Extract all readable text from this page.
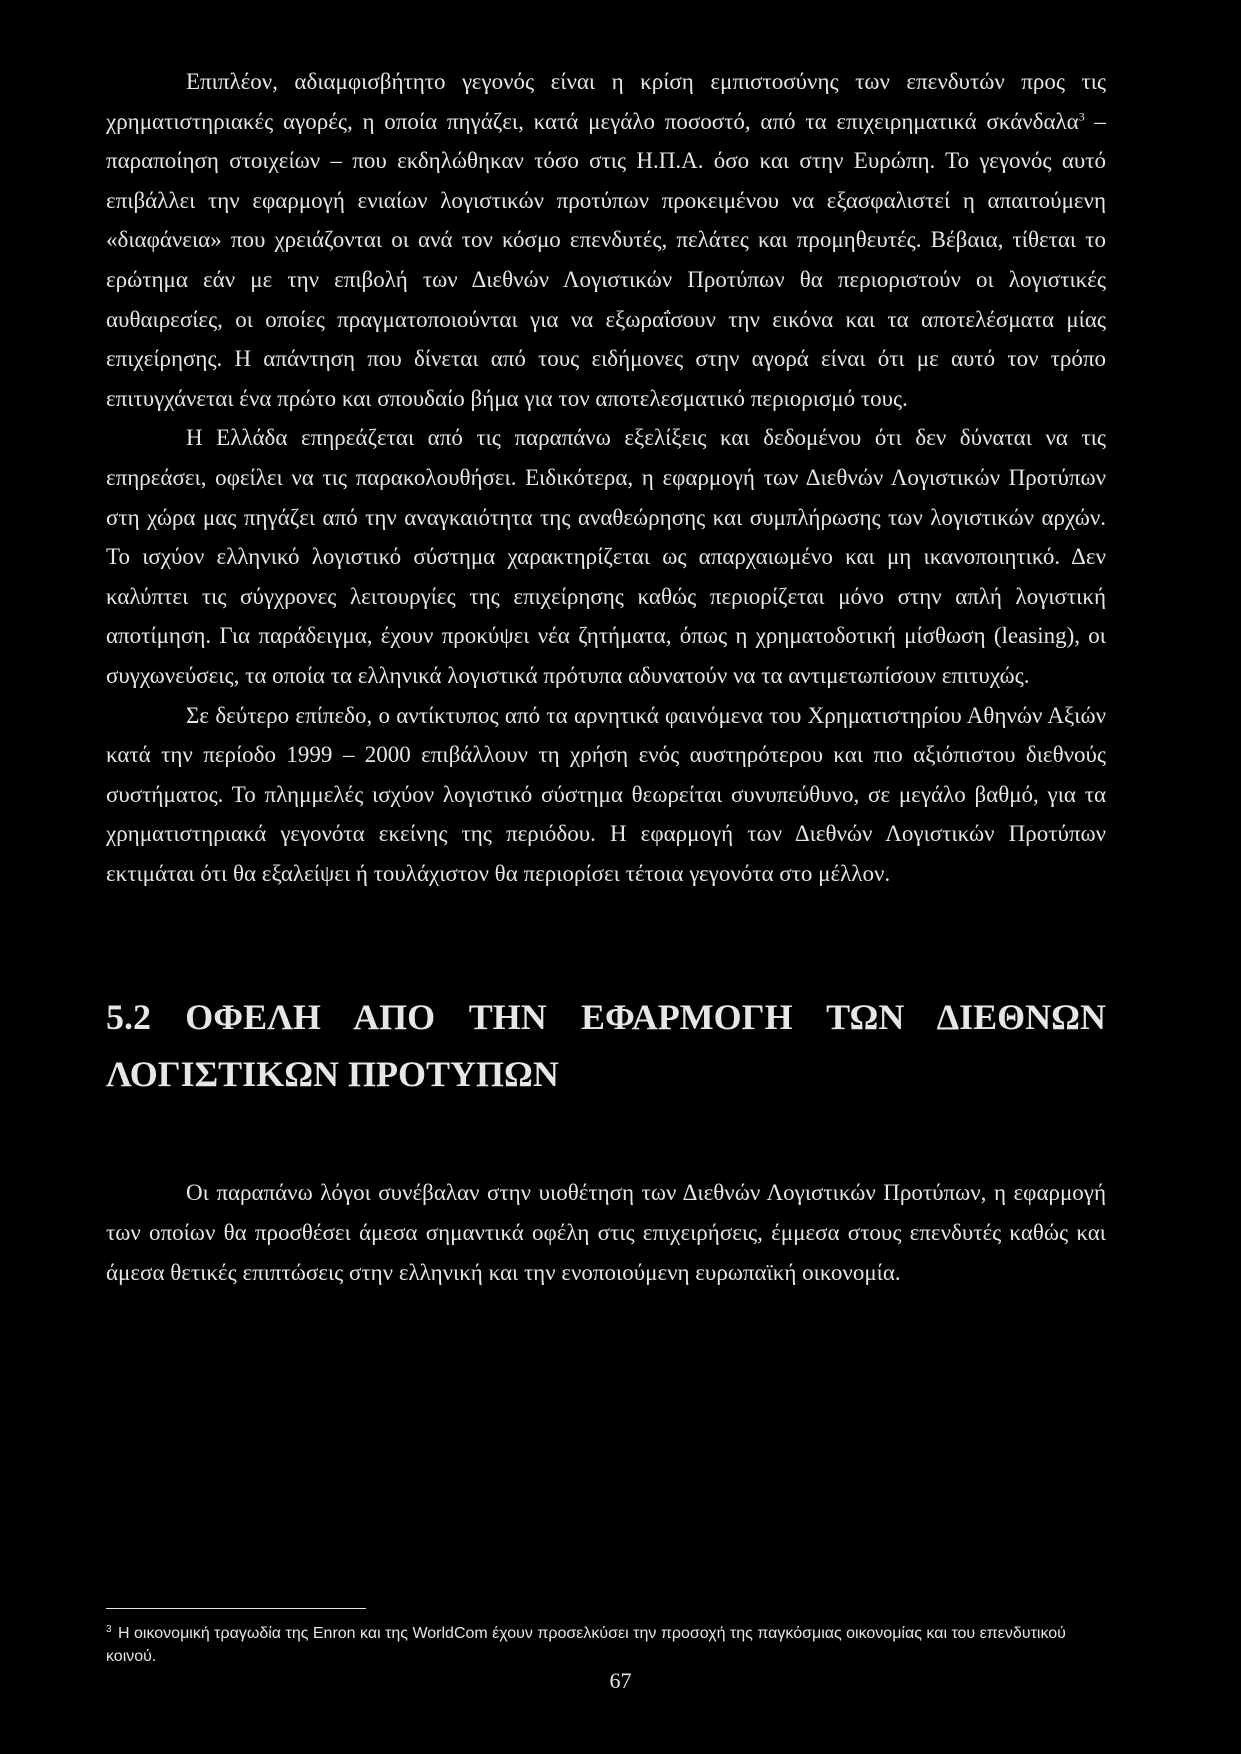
Επιπλέον, αδιαμφισβήτητο γεγονός είναι η κρίση εμπιστοσύνης των επενδυτών προς τις χρηματιστηριακές αγορές, η οποία πηγάζει, κατά μεγάλο ποσοστό, από τα επιχειρηματικά σκάνδαλα$^3$ – παραποίηση στοιχείων – που εκδηλώθηκαν τόσο στις Η.Π.Α. όσο και στην Ευρώπη. Το γεγονός αυτό επιβάλλει την εφαρμογή ενιαίων λογιστικών προτύπων προκειμένου να εξασφαλιστεί η απαιτούμενη «διαφάνεια» που χρειάζονται οι ανά τον κόσμο επενδυτές, πελάτες και προμηθευτές. Βέβαια, τίθεται το ερώτημα εάν με την επιβολή των Διεθνών Λογιστικών Προτύπων θα περιοριστούν οι λογιστικές αυθαιρεσίες, οι οποίες πραγματοποιούνται για να εξωραΐσουν την εικόνα και τα αποτελέσματα μίας επιχείρησης. Η απάντηση που δίνεται από τους ειδήμονες στην αγορά είναι ότι με αυτό τον τρόπο επιτυγχάνεται ένα πρώτο και σπουδαίο βήμα για τον αποτελεσματικό περιορισμό τους.

Η Ελλάδα επηρεάζεται από τις παραπάνω εξελίξεις και δεδομένου ότι δεν δύναται να τις επηρεάσει, οφείλει να τις παρακολουθήσει. Ειδικότερα, η εφαρμογή των Διεθνών Λογιστικών Προτύπων στη χώρα μας πηγάζει από την αναγκαιότητα της αναθεώρησης και συμπλήρωσης των λογιστικών αρχών. Το ισχύον ελληνικό λογιστικό σύστημα χαρακτηρίζεται ως απαρχαιωμένο και μη ικανοποιητικό. Δεν καλύπτει τις σύγχρονες λειτουργίες της επιχείρησης καθώς περιορίζεται μόνο στην απλή λογιστική αποτίμηση. Για παράδειγμα, έχουν προκύψει νέα ζητήματα, όπως η χρηματοδοτική μίσθωση (leasing), οι συγχωνεύσεις, τα οποία τα ελληνικά λογιστικά πρότυπα αδυνατούν να τα αντιμετωπίσουν επιτυχώς.

Σε δεύτερο επίπεδο, ο αντίκτυπος από τα αρνητικά φαινόμενα του Χρηματιστηρίου Αθηνών Αξιών κατά την περίοδο 1999 – 2000 επιβάλλουν τη χρήση ενός αυστηρότερου και πιο αξιόπιστου διεθνούς συστήματος. Το πλημμελές ισχύον λογιστικό σύστημα θεωρείται συνυπεύθυνο, σε μεγάλο βαθμό, για τα χρηματιστηριακά γεγονότα εκείνης της περιόδου. Η εφαρμογή των Διεθνών Λογιστικών Προτύπων εκτιμάται ότι θα εξαλείψει ή τουλάχιστον θα περιορίσει τέτοια γεγονότα στο μέλλον.

5.2 ΟΦΕΛΗ ΑΠΟ ΤΗΝ ΕΦΑΡΜΟΓΗ ΤΩΝ ΔΙΕΘΝΩΝ
ΛΟΓΙΣΤΙΚΩΝ ΠΡΟΤΥΠΩΝ

Οι παραπάνω λόγοι συνέβαλαν στην υιοθέτηση των Διεθνών Λογιστικών Προτύπων, η εφαρμογή των οποίων θα προσθέσει άμεσα σημαντικά οφέλη στις επιχειρήσεις, έμμεσα στους επενδυτές καθώς και άμεσα θετικές επιπτώσεις στην ελληνική και την ενοποιούμενη ευρωπαϊκή οικονομία.

$^3$ Η οικονομική τραγωδία της Enron και της WorldCom έχουν προσελκύσει την προσοχή της παγκόσμιας οικονομίας και του επενδυτικού κοινού.

67
